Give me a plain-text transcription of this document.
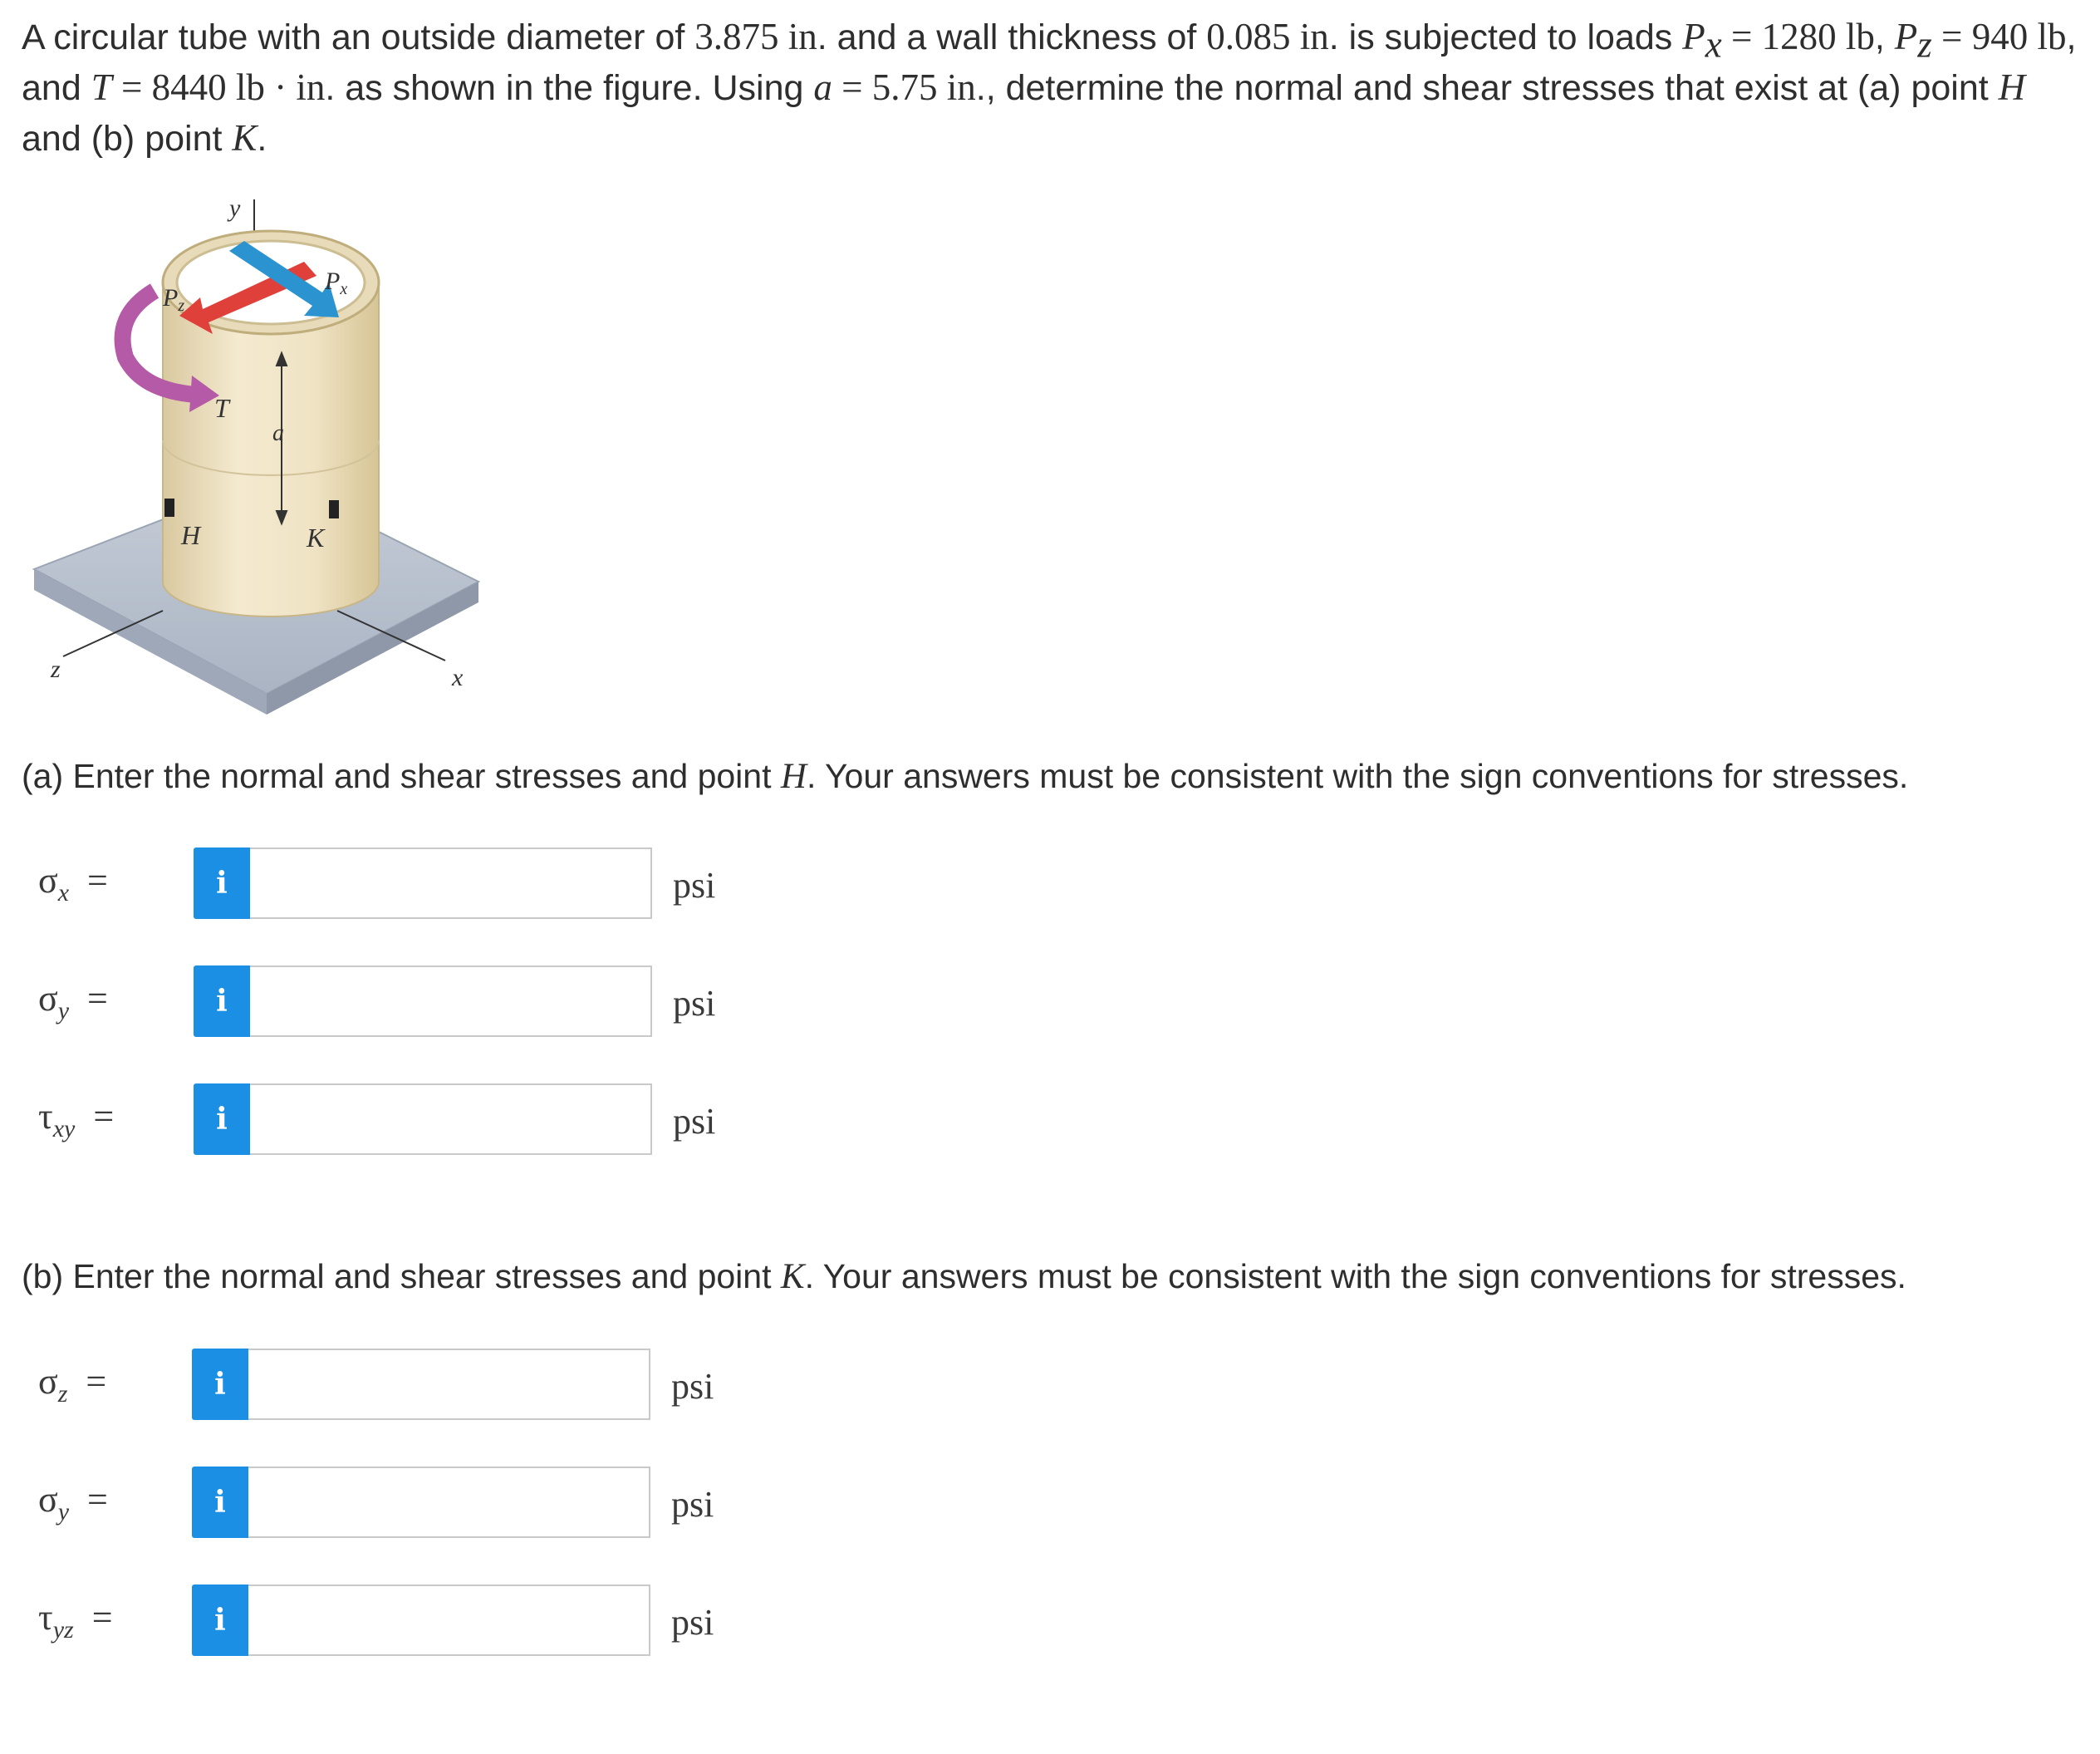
A circular tube with an outside diameter of 3.875 in. and a wall thickness of 0.085 in. is subjected to loads $P_x = 1280$ lb, $P_z = 940$ lb, and T = 8440 lb · in. as shown in the figure. Using a = 5.75 in., determine the normal and shear stresses that exist at (a) point H and (b) point K.
y
z	x
$P_z$
$P_x$
T
a
H	K
(a) Enter the normal and shear stresses and point H. Your answers must be consistent with the sign conventions for stresses.
$\sigma_x$ =	i	psi
$\sigma_y$ =	i	psi
$\tau_{xy}$ =	i	psi
(b) Enter the normal and shear stresses and point K. Your answers must be consistent with the sign conventions for stresses.
$\sigma_z$ =	i	psi
$\sigma_y$ =	i	psi
$\tau_{yz}$ =	i	psi
